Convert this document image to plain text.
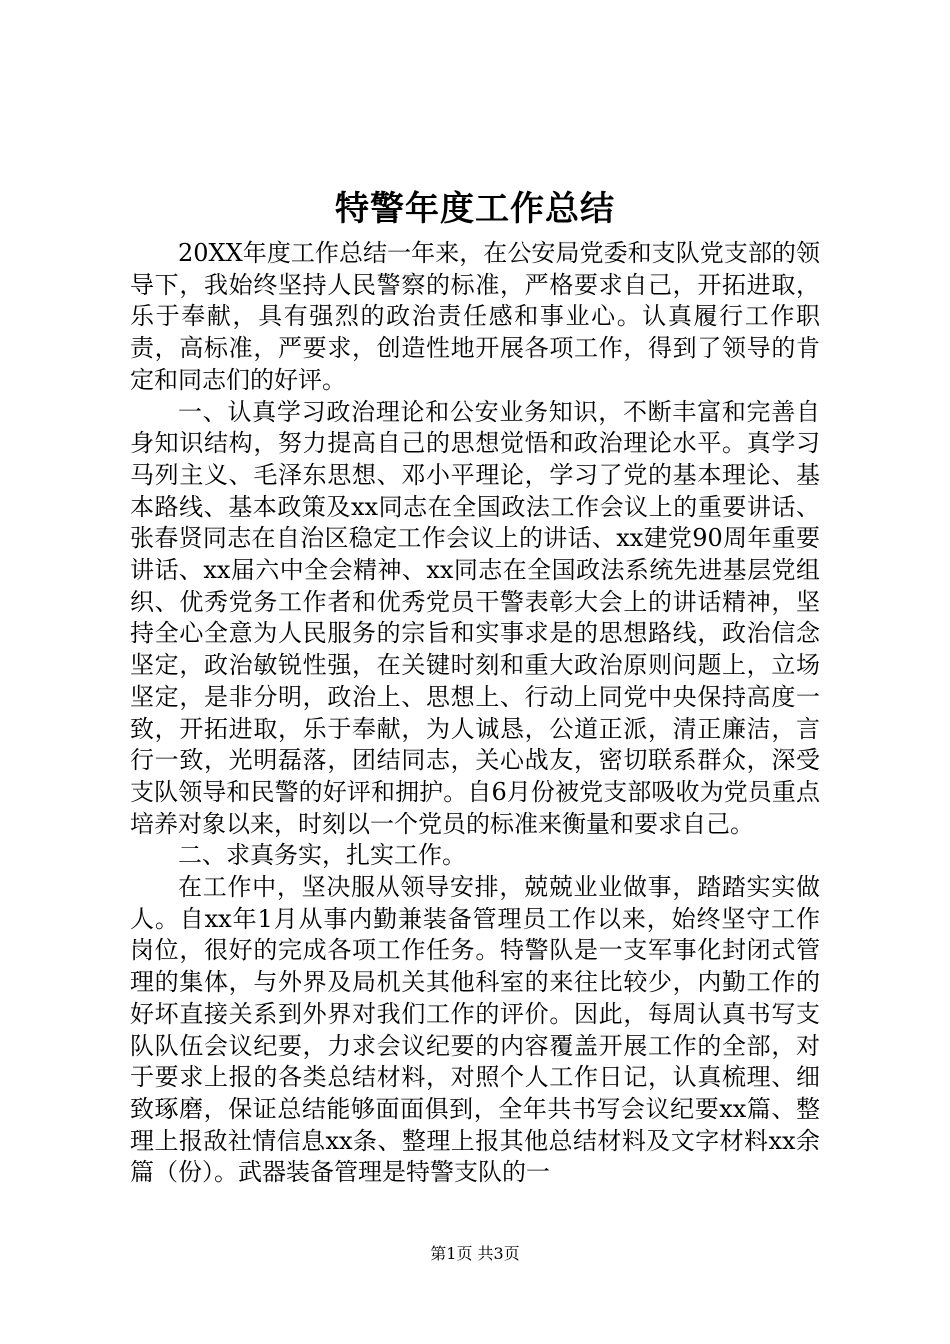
特警年度工作总结

20XX年度工作总结一年来，在公安局党委和支队党支部的领导下，我始终坚持人民警察的标准，严格要求自己，开拓进取，乐于奉献，具有强烈的政治责任感和事业心。认真履行工作职责，高标准，严要求，创造性地开展各项工作，得到了领导的肯定和同志们的好评。

一、认真学习政治理论和公安业务知识，不断丰富和完善自身知识结构，努力提高自己的思想觉悟和政治理论水平。真学习马列主义、毛泽东思想、邓小平理论，学习了党的基本理论、基本路线、基本政策及xx同志在全国政法工作会议上的重要讲话、张春贤同志在自治区稳定工作会议上的讲话、xx建党90周年重要讲话、xx届六中全会精神、xx同志在全国政法系统先进基层党组织、优秀党务工作者和优秀党员干警表彰大会上的讲话精神，坚持全心全意为人民服务的宗旨和实事求是的思想路线，政治信念坚定，政治敏锐性强，在关键时刻和重大政治原则问题上，立场坚定，是非分明，政治上、思想上、行动上同党中央保持高度一致，开拓进取，乐于奉献，为人诚恳，公道正派，清正廉洁，言行一致，光明磊落，团结同志，关心战友，密切联系群众，深受支队领导和民警的好评和拥护。自6月份被党支部吸收为党员重点培养对象以来，时刻以一个党员的标准来衡量和要求自己。

二、求真务实，扎实工作。

在工作中，坚决服从领导安排，兢兢业业做事，踏踏实实做人。自xx年1月从事内勤兼装备管理员工作以来，始终坚守工作岗位，很好的完成各项工作任务。特警队是一支军事化封闭式管理的集体，与外界及局机关其他科室的来往比较少，内勤工作的好坏直接关系到外界对我们工作的评价。因此，每周认真书写支队队伍会议纪要，力求会议纪要的内容覆盖开展工作的全部，对于要求上报的各类总结材料，对照个人工作日记，认真梳理、细致琢磨，保证总结能够面面俱到，全年共书写会议纪要xx篇、整理上报敌社情信息xx条、整理上报其他总结材料及文字材料xx余篇（份）。武器装备管理是特警支队的一

第1页 共3页
